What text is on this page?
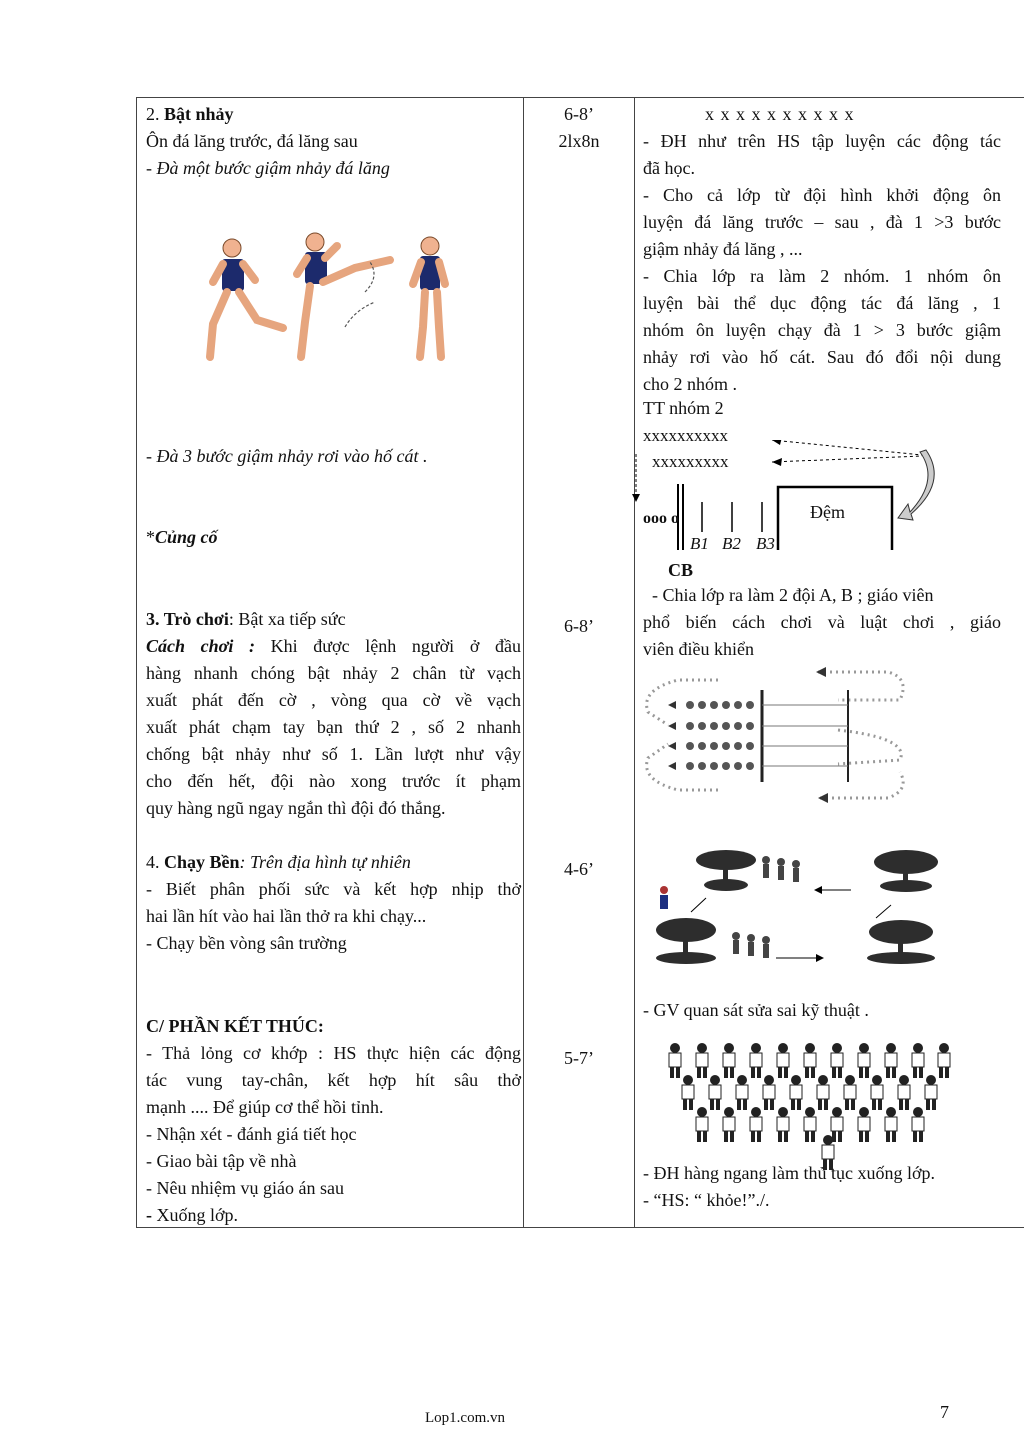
2. Bật nhảy
Ôn đá lăng trước, đá lăng sau
- Đà một bước giậm nhảy đá lăng
- Đà 3 bước giậm nhảy rơi vào hố cát .
*Củng cố
3. Trò chơi: Bật xa tiếp sức
Cách chơi : Khi được lệnh người ở đầu
hàng nhanh chóng bật nhảy 2 chân từ vạch
xuất phát đến cờ , vòng qua cờ về vạch
xuất phát chạm tay bạn thứ 2 , số 2 nhanh
chống bật nhảy như số 1. Lần lượt như vậy
cho đến hết, đội nào xong trước ít phạm
quy hàng ngũ ngay ngắn thì đội đó thắng.
4. Chạy Bền: Trên địa hình tự nhiên
- Biết phân phối sức và kết hợp nhịp thở
hai lần hít vào hai lần thở ra khi chạy...
- Chạy bền vòng sân trường
C/ PHẦN KẾT THÚC:
- Thả lỏng cơ khớp : HS thực hiện các động
tác vung tay-chân, kết hợp hít sâu thở
mạnh .... Để giúp cơ thể hồi tỉnh.
- Nhận xét - đánh giá tiết học
- Giao bài tập về nhà
- Nêu nhiệm vụ giáo án sau
- Xuống lớp.
6-8’
2lx8n
6-8’
4-6’
5-7’
x x x x x x x x x x
- ĐH như trên HS tập luyện các động tác
đã học.
- Cho cả lớp từ đội hình khởi động ôn
luyện đá lăng trước – sau , đà 1 >3 bước
giậm nhảy đá lăng , ...
- Chia lớp ra làm 2 nhóm. 1 nhóm ôn
luyện bài thể dục động tác đá lăng , 1
nhóm ôn luyện chạy đà 1 > 3 bước giậm
nhảy rơi vào hố cát. Sau đó đổi nội dung
cho 2 nhóm .
TT nhóm 2
xxxxxxxxxx
xxxxxxxxx
ooo o	Đệm
B1 B2 B3
CB
- Chia lớp ra làm 2 đội A, B ; giáo viên
phổ biến cách chơi và luật chơi , giáo
viên điều khiển
- GV quan sát sửa sai kỹ thuật .
- ĐH hàng ngang làm thủ tục xuống lớp.
- “HS: “ khỏe!”./.
Lop1.com.vn	7
